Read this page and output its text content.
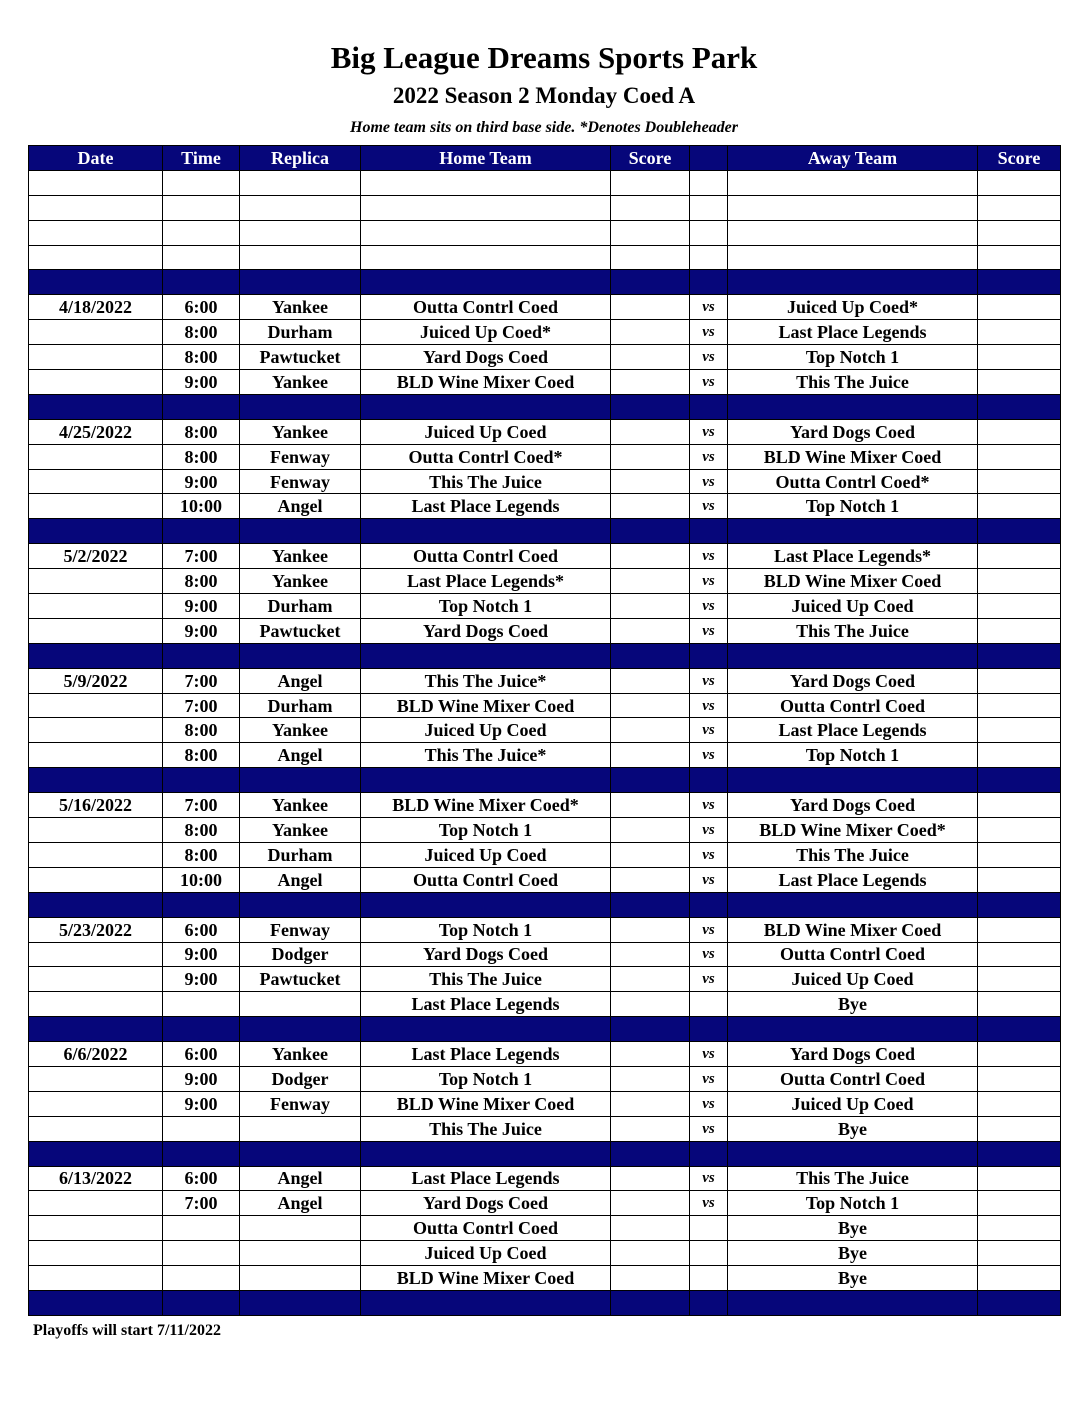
Big League Dreams Sports Park
2022 Season 2 Monday Coed A
Home team sits on third base side. *Denotes Doubleheader
Date	Time	Replica	Home Team	Score		Away Team	Score

4/18/2022	6:00	Yankee	Outta Contrl Coed		vs	Juiced Up Coed*	
	8:00	Durham	Juiced Up Coed*		vs	Last Place Legends	
	8:00	Pawtucket	Yard Dogs Coed		vs	Top Notch 1	
	9:00	Yankee	BLD Wine Mixer Coed		vs	This The Juice	

4/25/2022	8:00	Yankee	Juiced Up Coed		vs	Yard Dogs Coed	
	8:00	Fenway	Outta Contrl Coed*		vs	BLD Wine Mixer Coed	
	9:00	Fenway	This The Juice		vs	Outta Contrl Coed*	
	10:00	Angel	Last Place Legends		vs	Top Notch 1	

5/2/2022	7:00	Yankee	Outta Contrl Coed		vs	Last Place Legends*	
	8:00	Yankee	Last Place Legends*		vs	BLD Wine Mixer Coed	
	9:00	Durham	Top Notch 1		vs	Juiced Up Coed	
	9:00	Pawtucket	Yard Dogs Coed		vs	This The Juice	

5/9/2022	7:00	Angel	This The Juice*		vs	Yard Dogs Coed	
	7:00	Durham	BLD Wine Mixer Coed		vs	Outta Contrl Coed	
	8:00	Yankee	Juiced Up Coed		vs	Last Place Legends	
	8:00	Angel	This The Juice*		vs	Top Notch 1	

5/16/2022	7:00	Yankee	BLD Wine Mixer Coed*		vs	Yard Dogs Coed	
	8:00	Yankee	Top Notch 1		vs	BLD Wine Mixer Coed*	
	8:00	Durham	Juiced Up Coed		vs	This The Juice	
	10:00	Angel	Outta Contrl Coed		vs	Last Place Legends	

5/23/2022	6:00	Fenway	Top Notch 1		vs	BLD Wine Mixer Coed	
	9:00	Dodger	Yard Dogs Coed		vs	Outta Contrl Coed	
	9:00	Pawtucket	This The Juice		vs	Juiced Up Coed	
			Last Place Legends			Bye	

6/6/2022	6:00	Yankee	Last Place Legends		vs	Yard Dogs Coed	
	9:00	Dodger	Top Notch 1		vs	Outta Contrl Coed	
	9:00	Fenway	BLD Wine Mixer Coed		vs	Juiced Up Coed	
			This The Juice		vs	Bye	

6/13/2022	6:00	Angel	Last Place Legends		vs	This The Juice	
	7:00	Angel	Yard Dogs Coed		vs	Top Notch 1	
			Outta Contrl Coed			Bye	
			Juiced Up Coed			Bye	
			BLD Wine Mixer Coed			Bye	

Playoffs will start 7/11/2022
